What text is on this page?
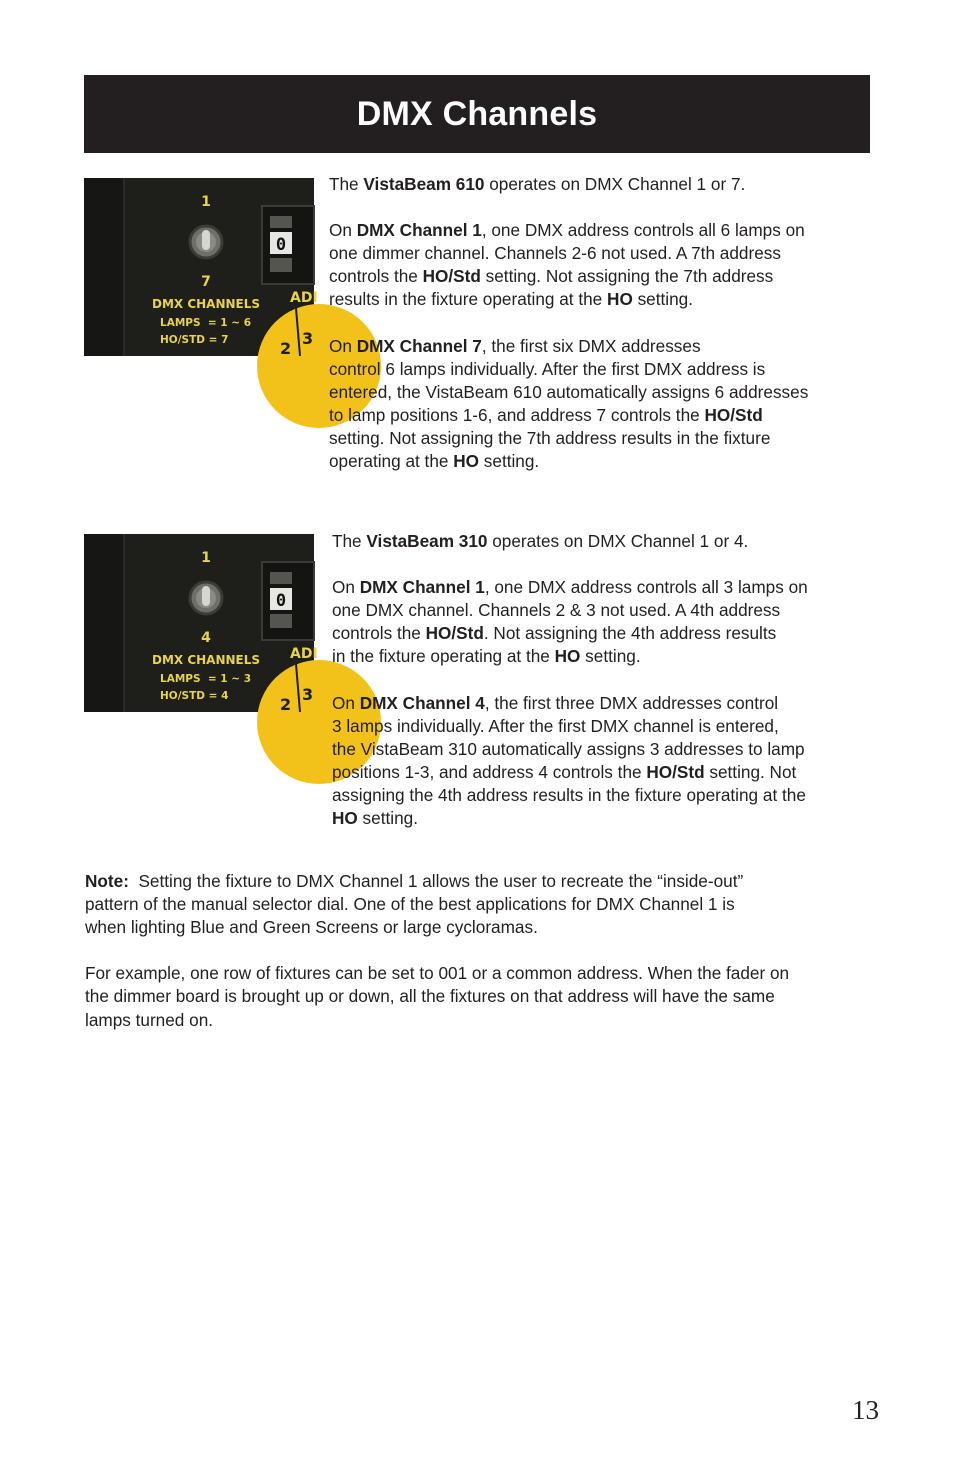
DMX Channels
1
7
0
ADI
DMX CHANNELS
LAMPS  = 1 ~ 6
HO/STD = 7	2
3

The VistaBeam 610 operates on DMX Channel 1 or 7.

On DMX Channel 1, one DMX address controls all 6 lamps on
one dimmer channel. Channels 2-6 not used. A 7th address
controls the HO/Std setting. Not assigning the 7th address
results in the fixture operating at the HO setting.

On DMX Channel 7, the first six DMX addresses
control 6 lamps individually. After the first DMX address is
entered, the VistaBeam 610 automatically assigns 6 addresses
to lamp positions 1-6, and address 7 controls the HO/Std
setting. Not assigning the 7th address results in the fixture
operating at the HO setting.

1
4
0
ADI
DMX CHANNELS
LAMPS  = 1 ~ 3
HO/STD = 4	2
3

The VistaBeam 310 operates on DMX Channel 1 or 4.

On DMX Channel 1, one DMX address controls all 3 lamps on
one DMX channel. Channels 2 & 3 not used. A 4th address
controls the HO/Std. Not assigning the 4th address results
in the fixture operating at the HO setting.

On DMX Channel 4, the first three DMX addresses control
3 lamps individually. After the first DMX channel is entered,
the VistaBeam 310 automatically assigns 3 addresses to lamp
positions 1-3, and address 4 controls the HO/Std setting. Not
assigning the 4th address results in the fixture operating at the
HO setting.

Note:  Setting the fixture to DMX Channel 1 allows the user to recreate the “inside-out”
pattern of the manual selector dial. One of the best applications for DMX Channel 1 is
when lighting Blue and Green Screens or large cycloramas.

For example, one row of fixtures can be set to 001 or a common address. When the fader on
the dimmer board is brought up or down, all the fixtures on that address will have the same
lamps turned on.

13
